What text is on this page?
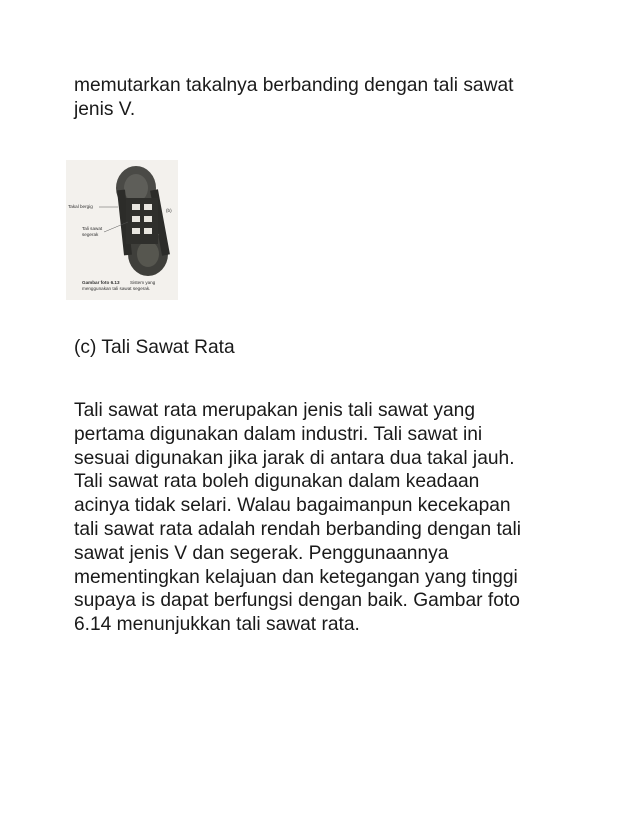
memutarkan takalnya berbanding dengan tali sawat
jenis V.

Takal bergig
Tali sawat
segerak
(b)
Gambar foto 6.13 Sistem yang
menggunakan tali sawat segerak.

(c) Tali Sawat Rata

Tali sawat rata merupakan jenis tali sawat yang
pertama digunakan dalam industri. Tali sawat ini
sesuai digunakan jika jarak di antara dua takal jauh.
Tali sawat rata boleh digunakan dalam keadaan
acinya tidak selari. Walau bagaimanpun kecekapan
tali sawat rata adalah rendah berbanding dengan tali
sawat jenis V dan segerak. Penggunaannya
mementingkan kelajuan dan ketegangan yang tinggi
supaya is dapat berfungsi dengan baik. Gambar foto
6.14 menunjukkan tali sawat rata.
